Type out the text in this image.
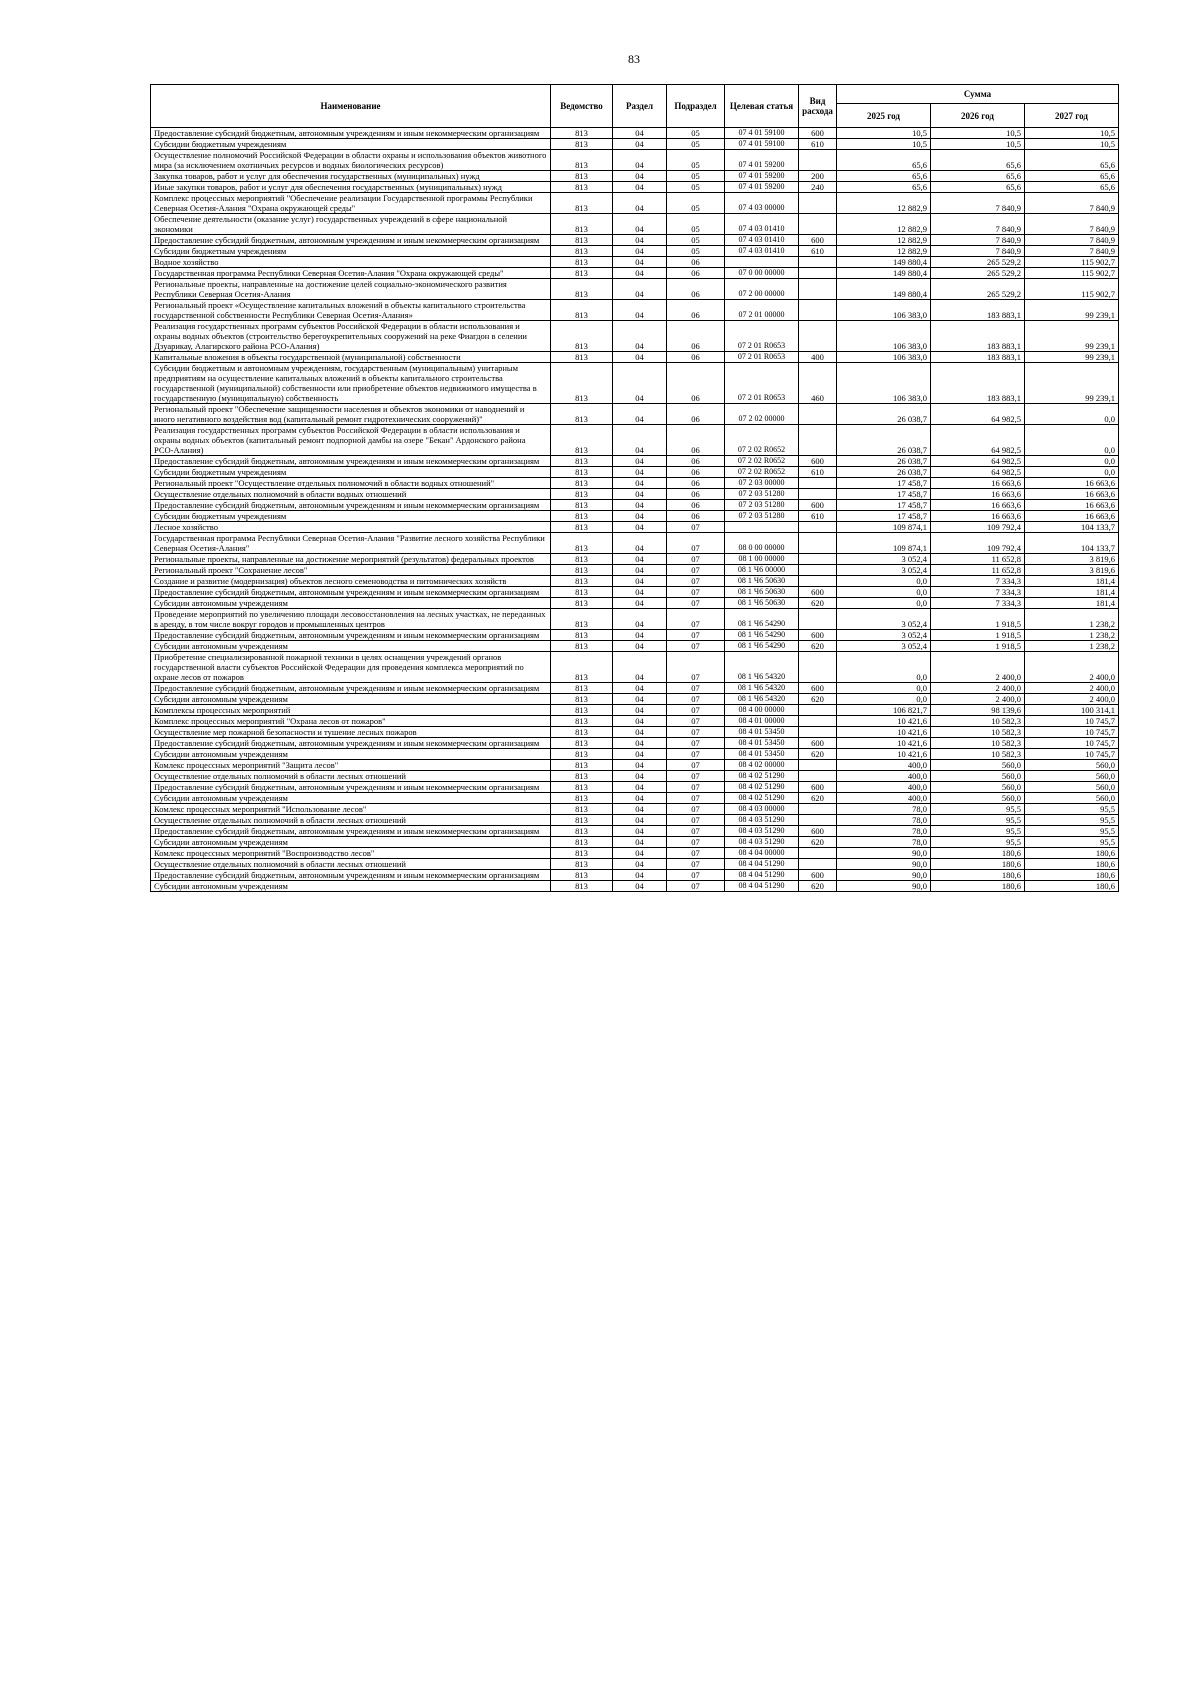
83
Наименование	Ведомство	Раздел	Подраздел	Целевая статья	Вид расхода	Сумма		
						2025 год	2026 год	2027 год
Предоставление субсидий бюджетным, автономным учреждениям и иным некоммерческим организациям	813	04	05	07 4 01 59100	600	10,5	10,5	10,5
Субсидии бюджетным учреждениям	813	04	05	07 4 01 59100	610	10,5	10,5	10,5
Осуществление полномочий Российской Федерации в области охраны и использования объектов животного мира (за исключением охотничьих ресурсов и водных биологических ресурсов)	813	04	05	07 4 01 59200		65,6	65,6	65,6
Закупка товаров, работ и услуг для обеспечения государственных (муниципальных) нужд	813	04	05	07 4 01 59200	200	65,6	65,6	65,6
Иные закупки товаров, работ и услуг для обеспечения государственных (муниципальных) нужд	813	04	05	07 4 01 59200	240	65,6	65,6	65,6
Комплекс процессных мероприятий "Обеспечение реализации Государственной программы Республики Северная Осетия-Алания "Охрана окружающей среды"	813	04	05	07 4 03 00000		12 882,9	7 840,9	7 840,9
Обеспечение деятельности (оказание услуг) государственных учреждений в сфере национальной экономики	813	04	05	07 4 03 01410		12 882,9	7 840,9	7 840,9
Предоставление субсидий бюджетным, автономным учреждениям и иным некоммерческим организациям	813	04	05	07 4 03 01410	600	12 882,9	7 840,9	7 840,9
Субсидии бюджетным учреждениям	813	04	05	07 4 03 01410	610	12 882,9	7 840,9	7 840,9
Водное хозяйство	813	04	06			149 880,4	265 529,2	115 902,7
Государственная программа Республики Северная Осетия-Алания "Охрана окружающей среды"	813	04	06	07 0 00 00000		149 880,4	265 529,2	115 902,7
Региональные проекты, направленные на достижение целей социально-экономического развития Республики Северная Осетия-Алания	813	04	06	07 2 00 00000		149 880,4	265 529,2	115 902,7
Региональный проект «Осуществление капитальных вложений в объекты капитального строительства государственной собственности Республики Северная Осетия-Алания»	813	04	06	07 2 01 00000		106 383,0	183 883,1	99 239,1
Реализация государственных программ субъектов Российской Федерации в области использования и охраны водных объектов (строительство берегоукрепительных сооружений на реке Фиагдон в селении Дзуарикау, Алагирского района РСО-Алания)	813	04	06	07 2 01 R0653		106 383,0	183 883,1	99 239,1
Капитальные вложения в объекты государственной (муниципальной) собственности	813	04	06	07 2 01 R0653	400	106 383,0	183 883,1	99 239,1
Субсидии бюджетным и автономным учреждениям, государственным (муниципальным) унитарным предприятиям на осуществление капитальных вложений в объекты капитального строительства государственной (муниципальной) собственности или приобретение объектов недвижимого имущества в государственную (муниципальную) собственность	813	04	06	07 2 01 R0653	460	106 383,0	183 883,1	99 239,1
Региональный проект "Обеспечение защищенности населения и объектов экономики от наводнений и иного негативного воздействия вод (капитальный ремонт гидротехнических сооружений)"	813	04	06	07 2 02 00000		26 038,7	64 982,5	0,0
Реализация государственных программ субъектов Российской Федерации в области использования и охраны водных объектов (капитальный ремонт подпорной дамбы на озере "Бекан" Ардонского района РСО-Алания)	813	04	06	07 2 02 R0652		26 038,7	64 982,5	0,0
Предоставление субсидий бюджетным, автономным учреждениям и иным некоммерческим организациям	813	04	06	07 2 02 R0652	600	26 038,7	64 982,5	0,0
Субсидии бюджетным учреждениям	813	04	06	07 2 02 R0652	610	26 038,7	64 982,5	0,0
Региональный проект "Осуществление отдельных полномочий в области водных отношений"	813	04	06	07 2 03 00000		17 458,7	16 663,6	16 663,6
Осуществление отдельных полномочий в области водных отношений	813	04	06	07 2 03 51280		17 458,7	16 663,6	16 663,6
Предоставление субсидий бюджетным, автономным учреждениям и иным некоммерческим организациям	813	04	06	07 2 03 51280	600	17 458,7	16 663,6	16 663,6
Субсидии бюджетным учреждениям	813	04	06	07 2 03 51280	610	17 458,7	16 663,6	16 663,6
Лесное хозяйство	813	04	07			109 874,1	109 792,4	104 133,7
Государственная программа Республики Северная Осетия-Алания "Развитие лесного хозяйства Республики Северная Осетия-Алания"	813	04	07	08 0 00 00000		109 874,1	109 792,4	104 133,7
Региональные проекты, направленные на достижение мероприятий (результатов) федеральных проектов	813	04	07	08 1 00 00000		3 052,4	11 652,8	3 819,6
Региональный проект "Сохранение лесов"	813	04	07	08 1 Ч6 00000		3 052,4	11 652,8	3 819,6
Создание и развитие (модернизация) объектов лесного семеноводства и питомнических хозяйств	813	04	07	08 1 Ч6 50630		0,0	7 334,3	181,4
Предоставление субсидий бюджетным, автономным учреждениям и иным некоммерческим организациям	813	04	07	08 1 Ч6 50630	600	0,0	7 334,3	181,4
Субсидии автономным учреждениям	813	04	07	08 1 Ч6 50630	620	0,0	7 334,3	181,4
Проведение мероприятий по увеличению площади лесовосстановления на лесных участках, не переданных в аренду, в том числе вокруг городов и промышленных центров	813	04	07	08 1 Ч6 54290		3 052,4	1 918,5	1 238,2
Предоставление субсидий бюджетным, автономным учреждениям и иным некоммерческим организациям	813	04	07	08 1 Ч6 54290	600	3 052,4	1 918,5	1 238,2
Субсидии автономным учреждениям	813	04	07	08 1 Ч6 54290	620	3 052,4	1 918,5	1 238,2
Приобретение специализированной пожарной техники в целях оснащения учреждений органов государственной власти субъектов Российской Федерации для проведения комплекса мероприятий по охране лесов от пожаров	813	04	07	08 1 Ч6 54320		0,0	2 400,0	2 400,0
Предоставление субсидий бюджетным, автономным учреждениям и иным некоммерческим организациям	813	04	07	08 1 Ч6 54320	600	0,0	2 400,0	2 400,0
Субсидии автономным учреждениям	813	04	07	08 1 Ч6 54320	620	0,0	2 400,0	2 400,0
Комплексы процессных мероприятий	813	04	07	08 4 00 00000		106 821,7	98 139,6	100 314,1
Комплекс процессных мероприятий "Охрана лесов от пожаров"	813	04	07	08 4 01 00000		10 421,6	10 582,3	10 745,7
Осуществление мер пожарной безопасности и тушение лесных пожаров	813	04	07	08 4 01 53450		10 421,6	10 582,3	10 745,7
Предоставление субсидий бюджетным, автономным учреждениям и иным некоммерческим организациям	813	04	07	08 4 01 53450	600	10 421,6	10 582,3	10 745,7
Субсидии автономным учреждениям	813	04	07	08 4 01 53450	620	10 421,6	10 582,3	10 745,7
Комлекс процессных мероприятий "Защита лесов"	813	04	07	08 4 02 00000		400,0	560,0	560,0
Осуществление отдельных полномочий в области лесных отношений	813	04	07	08 4 02 51290		400,0	560,0	560,0
Предоставление субсидий бюджетным, автономным учреждениям и иным некоммерческим организациям	813	04	07	08 4 02 51290	600	400,0	560,0	560,0
Субсидии автономным учреждениям	813	04	07	08 4 02 51290	620	400,0	560,0	560,0
Комлекс процессных мероприятий "Использование лесов"	813	04	07	08 4 03 00000		78,0	95,5	95,5
Осуществление отдельных полномочий в области лесных отношений	813	04	07	08 4 03 51290		78,0	95,5	95,5
Предоставление субсидий бюджетным, автономным учреждениям и иным некоммерческим организациям	813	04	07	08 4 03 51290	600	78,0	95,5	95,5
Субсидии автономным учреждениям	813	04	07	08 4 03 51290	620	78,0	95,5	95,5
Комлекс процессных мероприятий "Воспроизводство лесов"	813	04	07	08 4 04 00000		90,0	180,6	180,6
Осуществление отдельных полномочий в области лесных отношений	813	04	07	08 4 04 51290		90,0	180,6	180,6
Предоставление субсидий бюджетным, автономным учреждениям и иным некоммерческим организациям	813	04	07	08 4 04 51290	600	90,0	180,6	180,6
Субсидии автономным учреждениям	813	04	07	08 4 04 51290	620	90,0	180,6	180,6
